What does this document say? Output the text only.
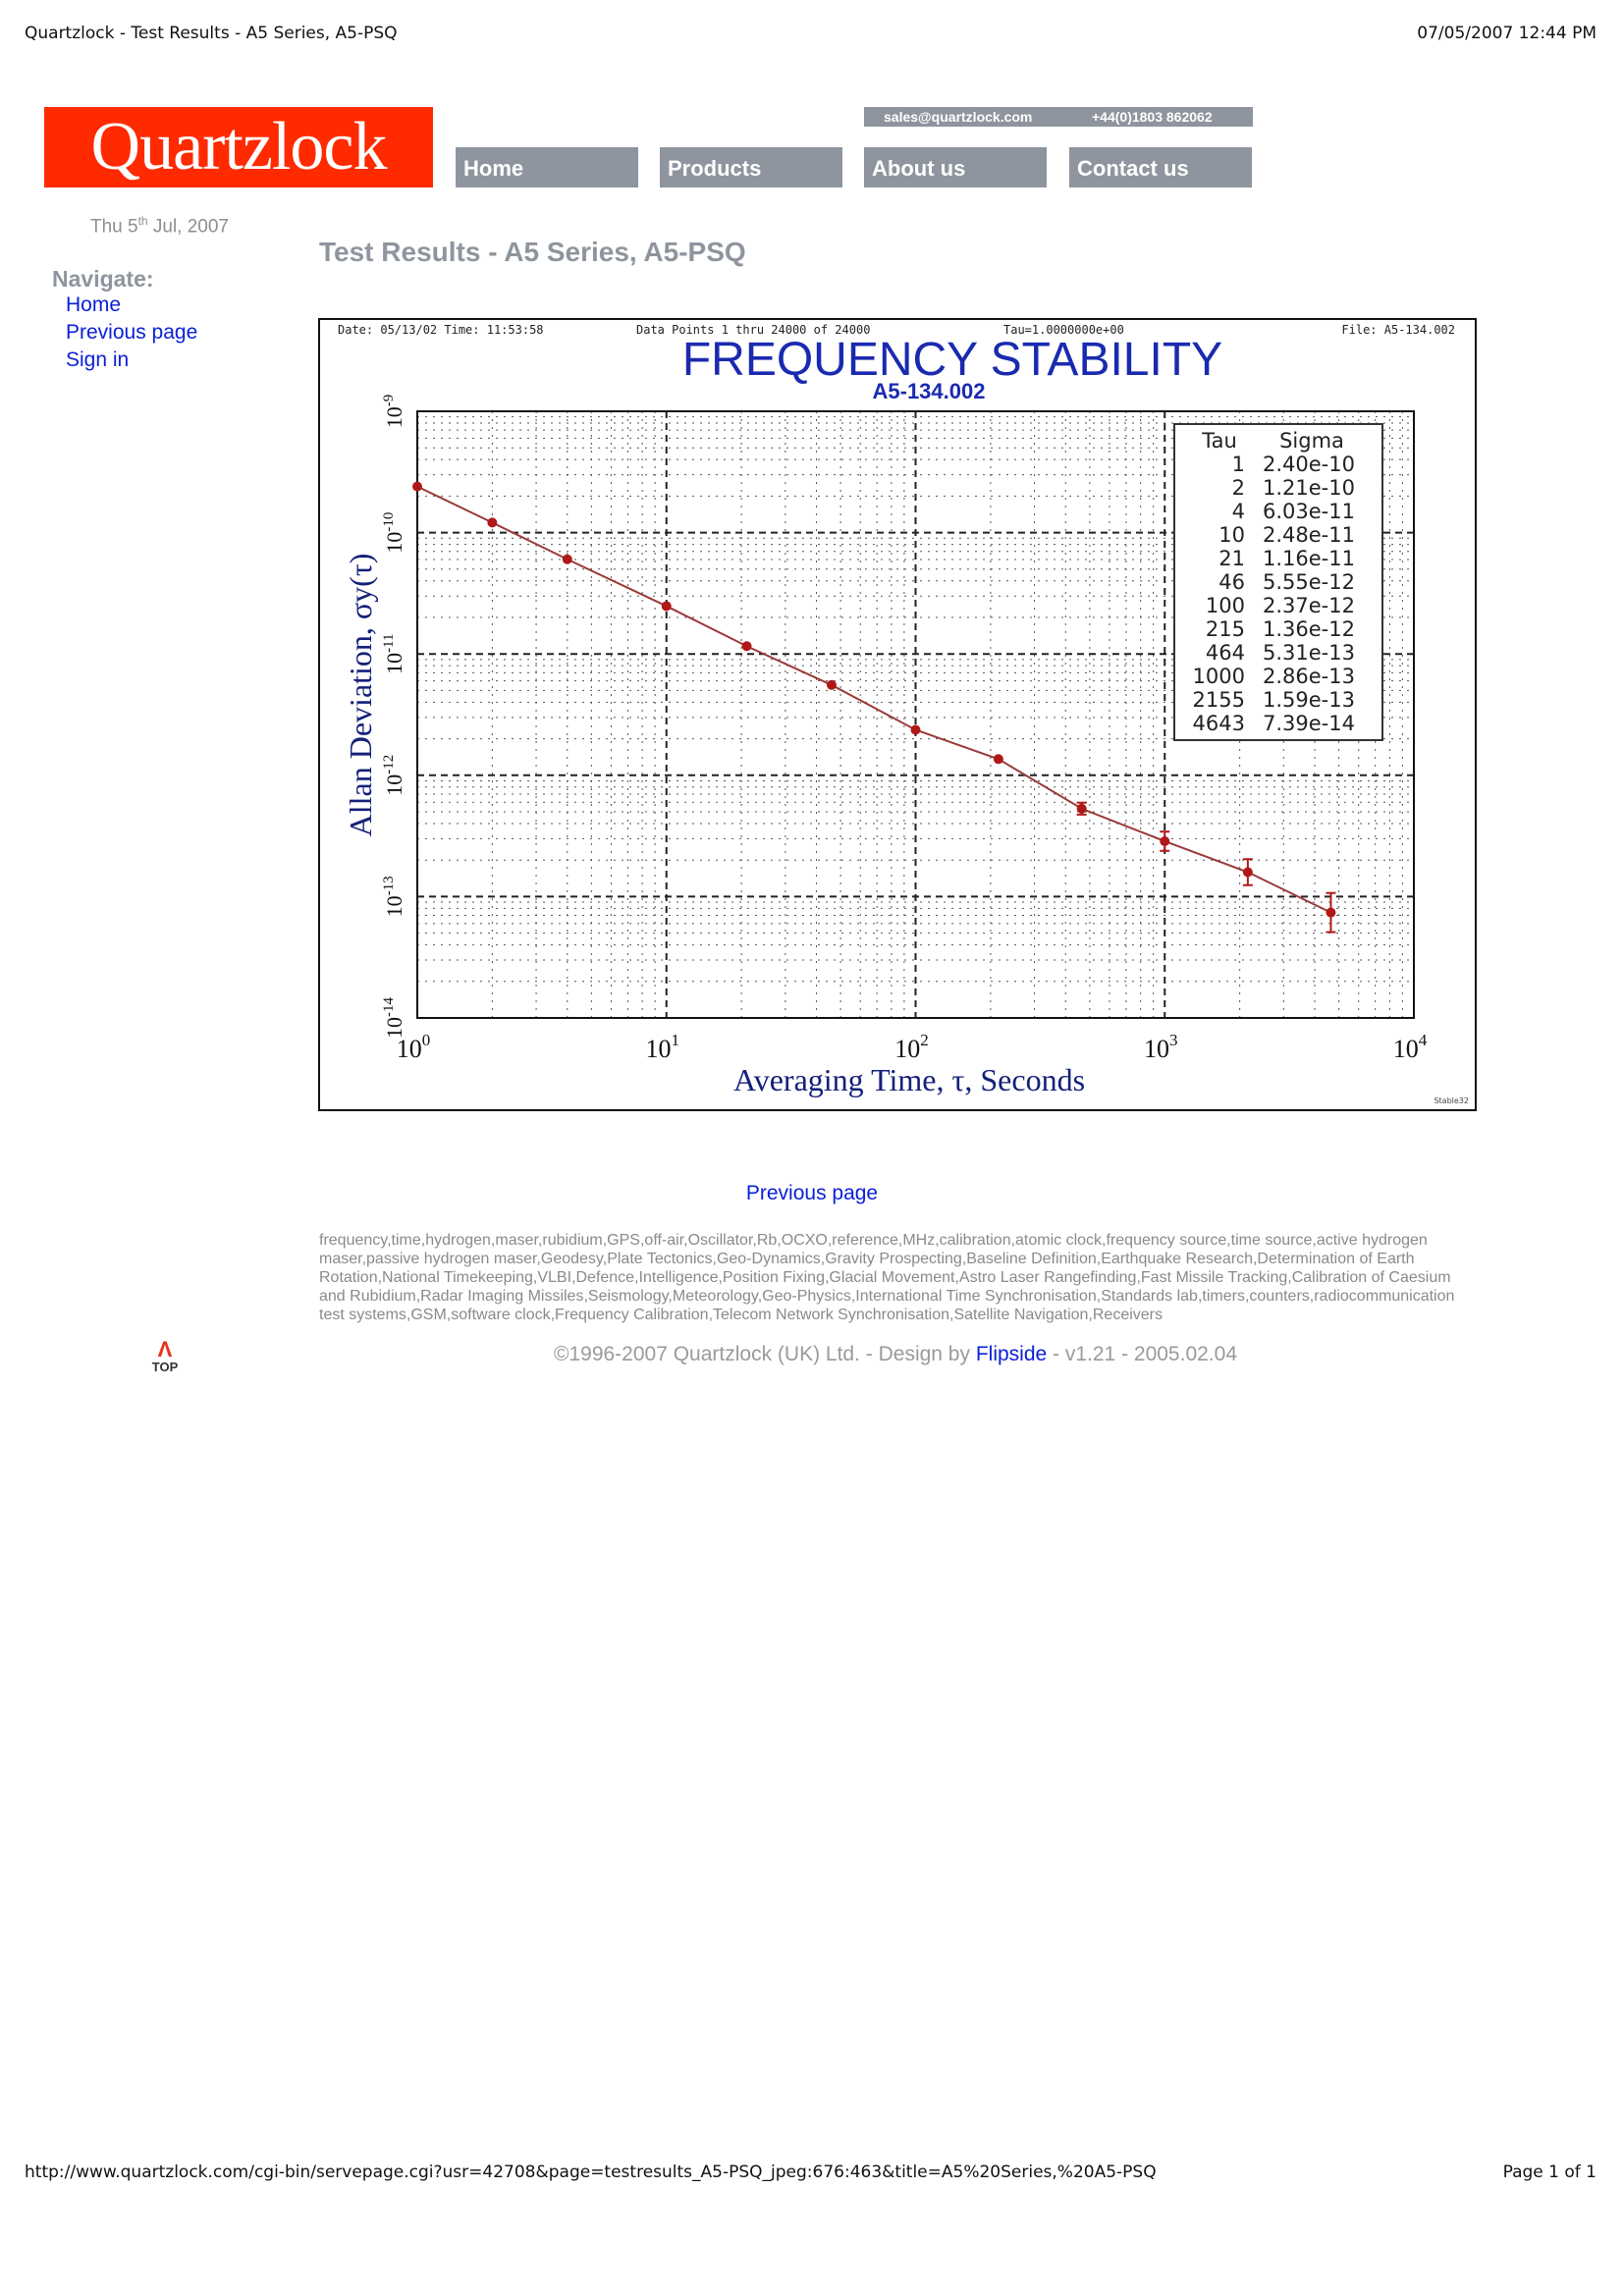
Quartzlock - Test Results - A5 Series, A5-PSQ	07/05/2007 12:44 PM
Quartzlock	sales@quartzlock.com	+44(0)1803 862062
Home	Products	About us	Contact us
Thu 5th Jul, 2007
Navigate:
Home
Previous page
Sign in
Test Results - A5 Series, A5-PSQ
Date: 05/13/02 Time: 11:53:58	Data Points 1 thru 24000 of 24000	Tau=1.0000000e+00	File: A5-134.002
FREQUENCY STABILITY
A5-134.002
$10^0$	$10^1$	$10^2$	$10^3$	$10^4$
$10^{-9}$
$10^{-10}$
$10^{-11}$
$10^{-12}$
$10^{-13}$
$10^{-14}$
Averaging Time, τ, Seconds
Allan Deviation, σy(τ)
Tau Sigma
1 2.40e-10
2 1.21e-10
4 6.03e-11
10 2.48e-11
21 1.16e-11
46 5.55e-12
100 2.37e-12
215 1.36e-12
464 5.31e-13
1000 2.86e-13
2155 1.59e-13
4643 7.39e-14
Stable32
Previous page
frequency,time,hydrogen,maser,rubidium,GPS,off-air,Oscillator,Rb,OCXO,reference,MHz,calibration,atomic clock,frequency source,time source,active hydrogen maser,passive hydrogen maser,Geodesy,Plate Tectonics,Geo-Dynamics,Gravity Prospecting,Baseline Definition,Earthquake Research,Determination of Earth Rotation,National Timekeeping,VLBI,Defence,Intelligence,Position Fixing,Glacial Movement,Astro Laser Rangefinding,Fast Missile Tracking,Calibration of Caesium and Rubidium,Radar Imaging Missiles,Seismology,Meteorology,Geo-Physics,International Time Synchronisation,Standards lab,timers,counters,radiocommunication test systems,GSM,software clock,Frequency Calibration,Telecom Network Synchronisation,Satellite Navigation,Receivers
©1996-2007 Quartzlock (UK) Ltd. - Design by Flipside - v1.21 - 2005.02.04
Λ
TOP
http://www.quartzlock.com/cgi-bin/servepage.cgi?usr=42708&page=testresults_A5-PSQ_jpeg:676:463&title=A5%20Series,%20A5-PSQ	Page 1 of 1
